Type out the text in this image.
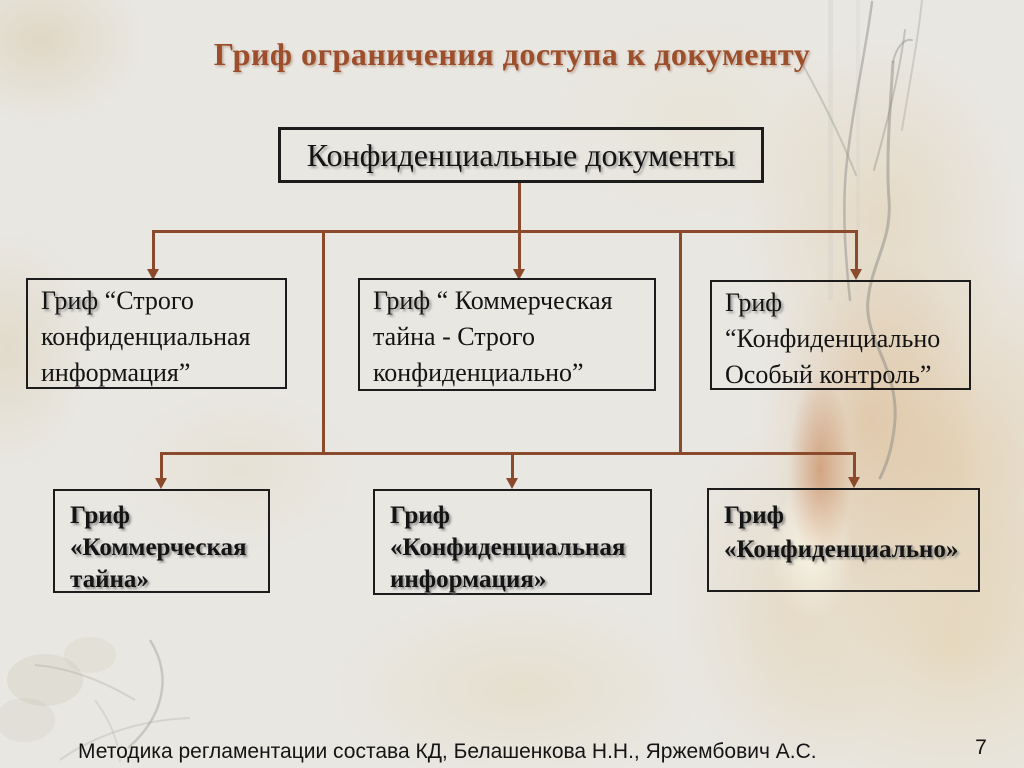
Гриф ограничения доступа к документу
Конфиденциальные документы
Гриф “Строго
конфиденциальная
информация”
Гриф “ Коммерческая
тайна - Строго
конфиденциально”
Гриф
“Конфиденциально
Особый контроль”
Гриф
«Коммерческая
тайна»
Гриф
«Конфиденциальная
информация»
Гриф
«Конфиденциально»
Методика регламентации состава КД, Белашенкова Н.Н., Яржембович А.С.	7
